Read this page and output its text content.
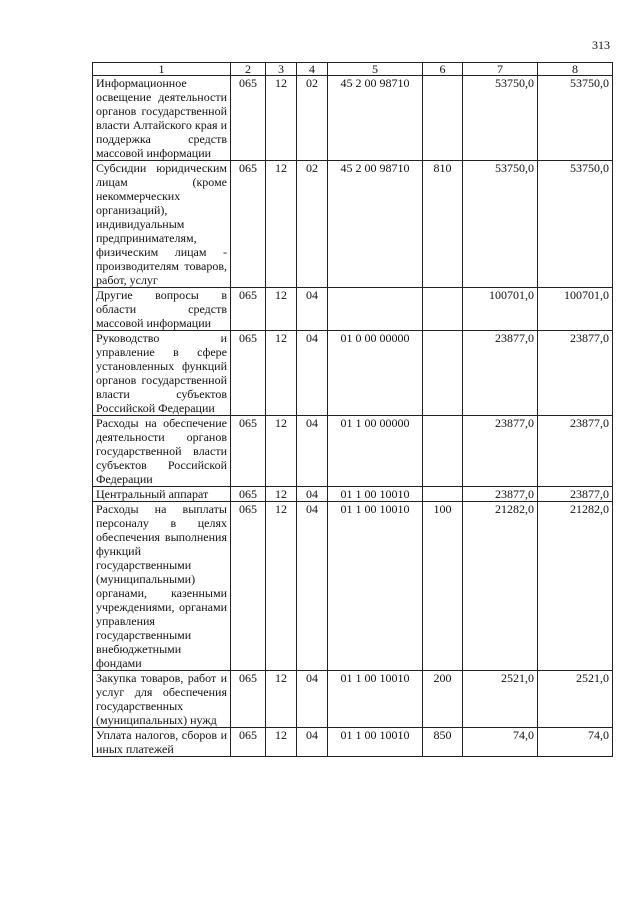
313
1	2	3	4	5	6	7	8
Информационное освещение деятельности органов государственной власти Алтайского края и поддержка средств массовой информации	065	12	02	45 2 00 98710		53750,0	53750,0
Субсидии юридическим лицам (кроме некоммерческих организаций), индивидуальным предпринимателям, физическим лицам - производителям товаров, работ, услуг	065	12	02	45 2 00 98710	810	53750,0	53750,0
Другие вопросы в области средств массовой информации	065	12	04			100701,0	100701,0
Руководство и управление в сфере установленных функций органов государственной власти субъектов Российской Федерации	065	12	04	01 0 00 00000		23877,0	23877,0
Расходы на обеспечение деятельности органов государственной власти субъектов Российской Федерации	065	12	04	01 1 00 00000		23877,0	23877,0
Центральный аппарат	065	12	04	01 1 00 10010		23877,0	23877,0
Расходы на выплаты персоналу в целях обеспечения выполнения функций государственными (муниципальными) органами, казенными учреждениями, органами управления государственными внебюджетными фондами	065	12	04	01 1 00 10010	100	21282,0	21282,0
Закупка товаров, работ и услуг для обеспечения государственных (муниципальных) нужд	065	12	04	01 1 00 10010	200	2521,0	2521,0
Уплата налогов, сборов и иных платежей	065	12	04	01 1 00 10010	850	74,0	74,0
